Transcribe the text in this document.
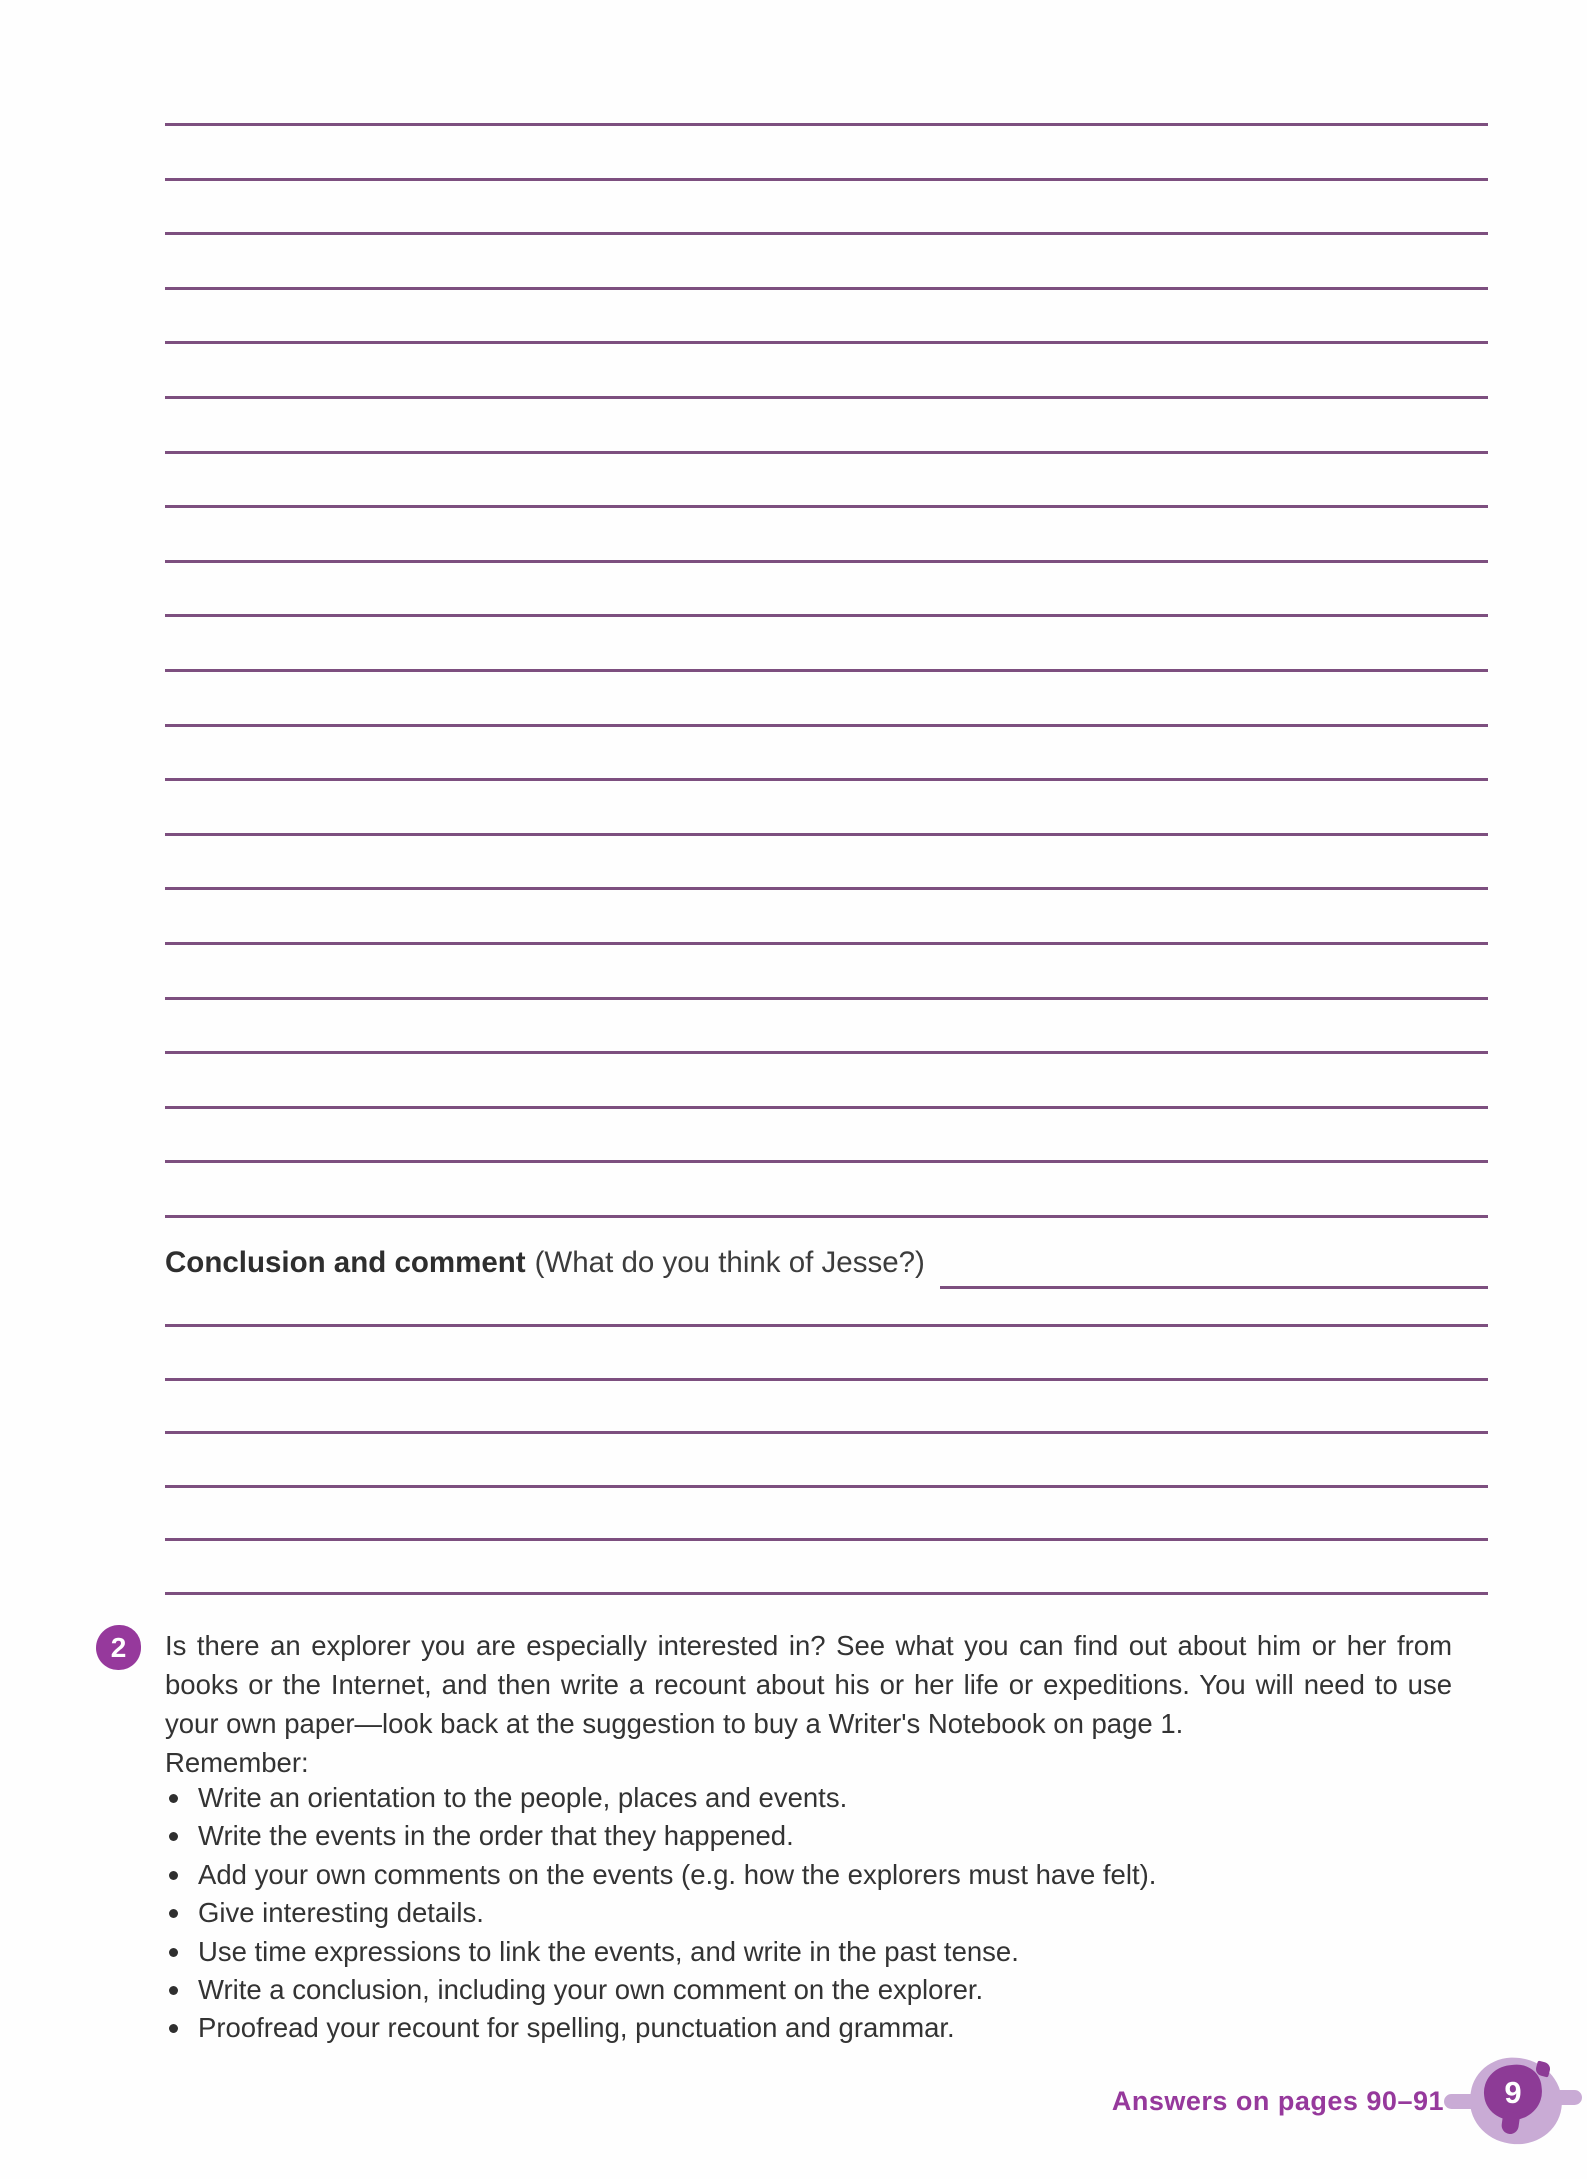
Conclusion and comment (What do you think of Jesse?)
2 Is there an explorer you are especially interested in? See what you can find out about him or her from books or the Internet, and then write a recount about his or her life or expeditions. You will need to use your own paper—look back at the suggestion to buy a Writer's Notebook on page 1.
Remember:
Write an orientation to the people, places and events.
Write the events in the order that they happened.
Add your own comments on the events (e.g. how the explorers must have felt).
Give interesting details.
Use time expressions to link the events, and write in the past tense.
Write a conclusion, including your own comment on the explorer.
Proofread your recount for spelling, punctuation and grammar.
Answers on pages 90–91	9
